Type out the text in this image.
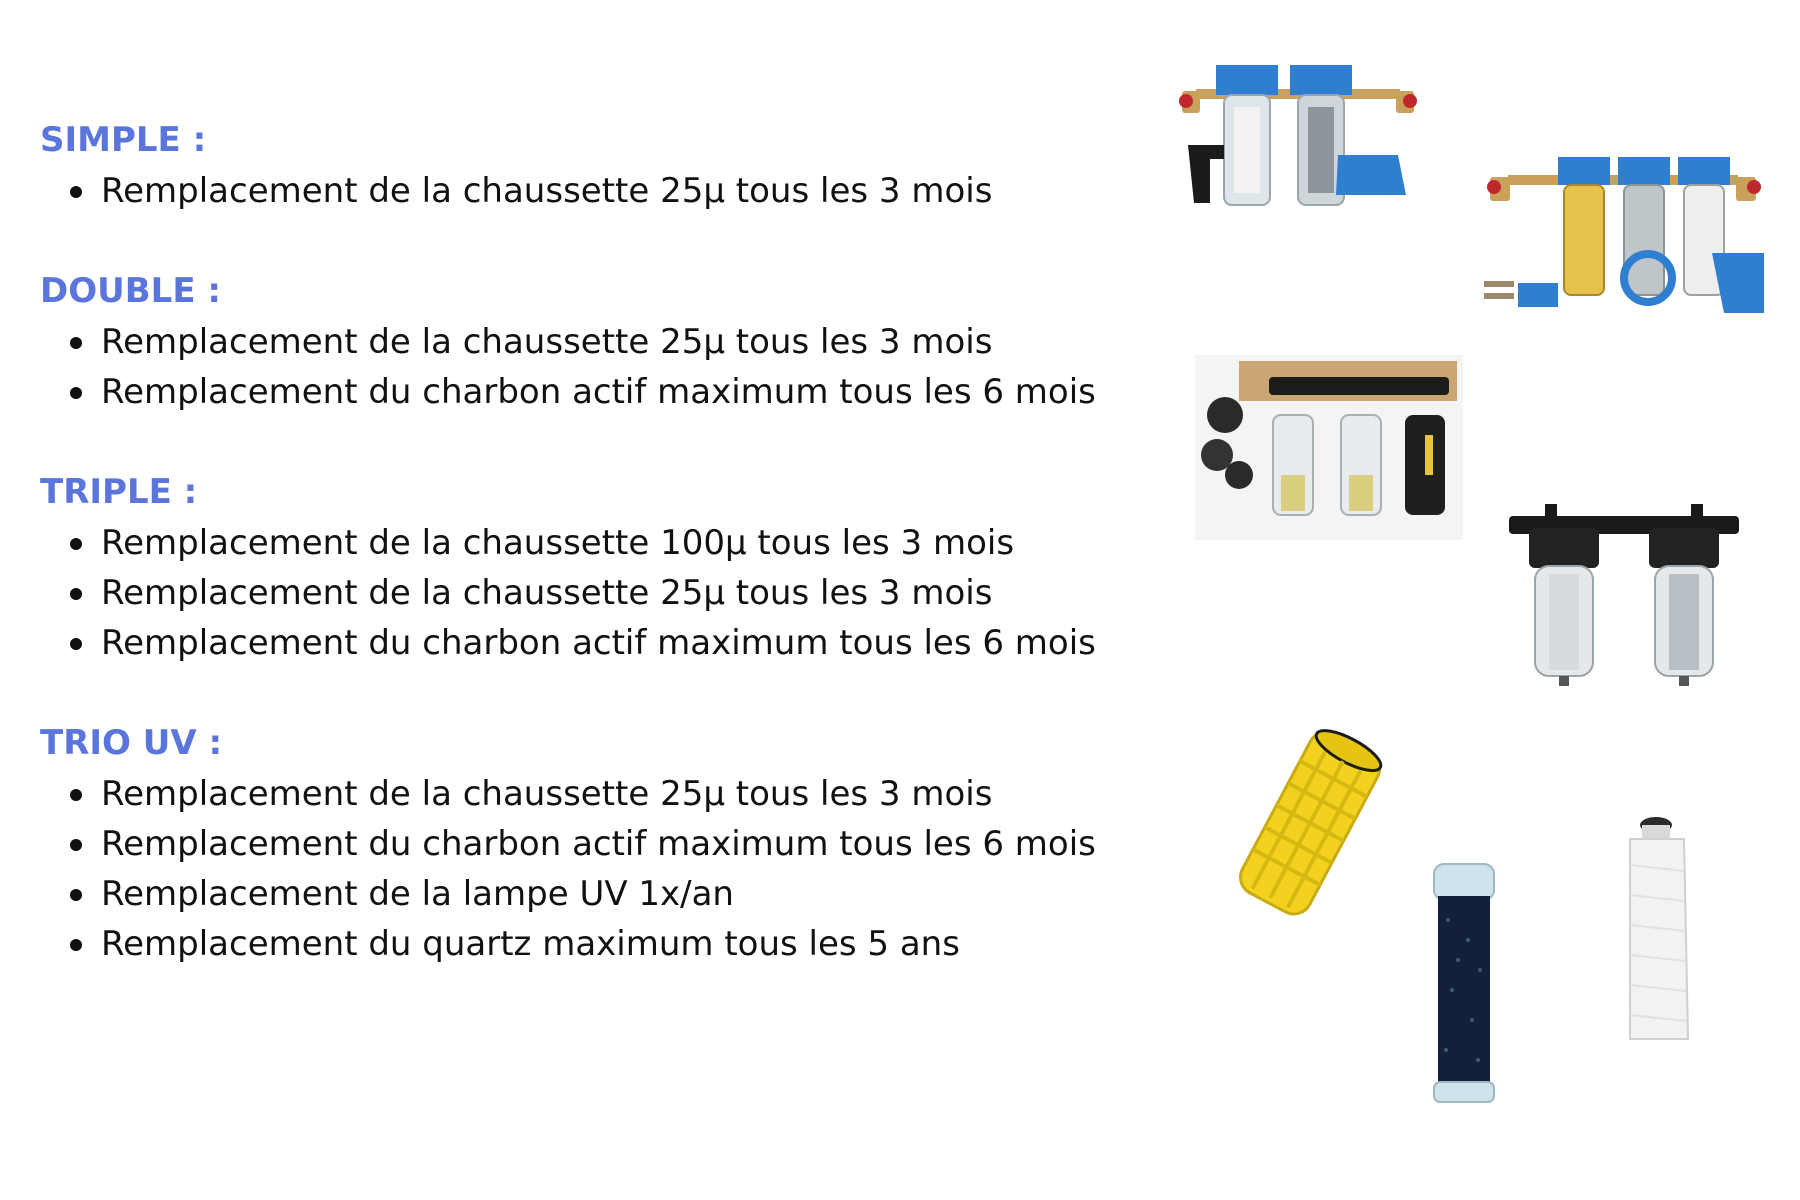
SIMPLE :
Remplacement de la chaussette 25µ tous les 3 mois
DOUBLE :
Remplacement de la chaussette 25µ tous les 3 mois
Remplacement du charbon actif maximum tous les 6 mois
TRIPLE :
Remplacement de la chaussette 100µ tous les 3 mois
Remplacement de la chaussette 25µ tous les 3 mois
Remplacement du charbon actif maximum tous les 6 mois
TRIO UV :
Remplacement de la chaussette 25µ tous les 3 mois
Remplacement du charbon actif maximum tous les 6 mois
Remplacement de la lampe UV 1x/an
Remplacement du quartz maximum tous les 5 ans
